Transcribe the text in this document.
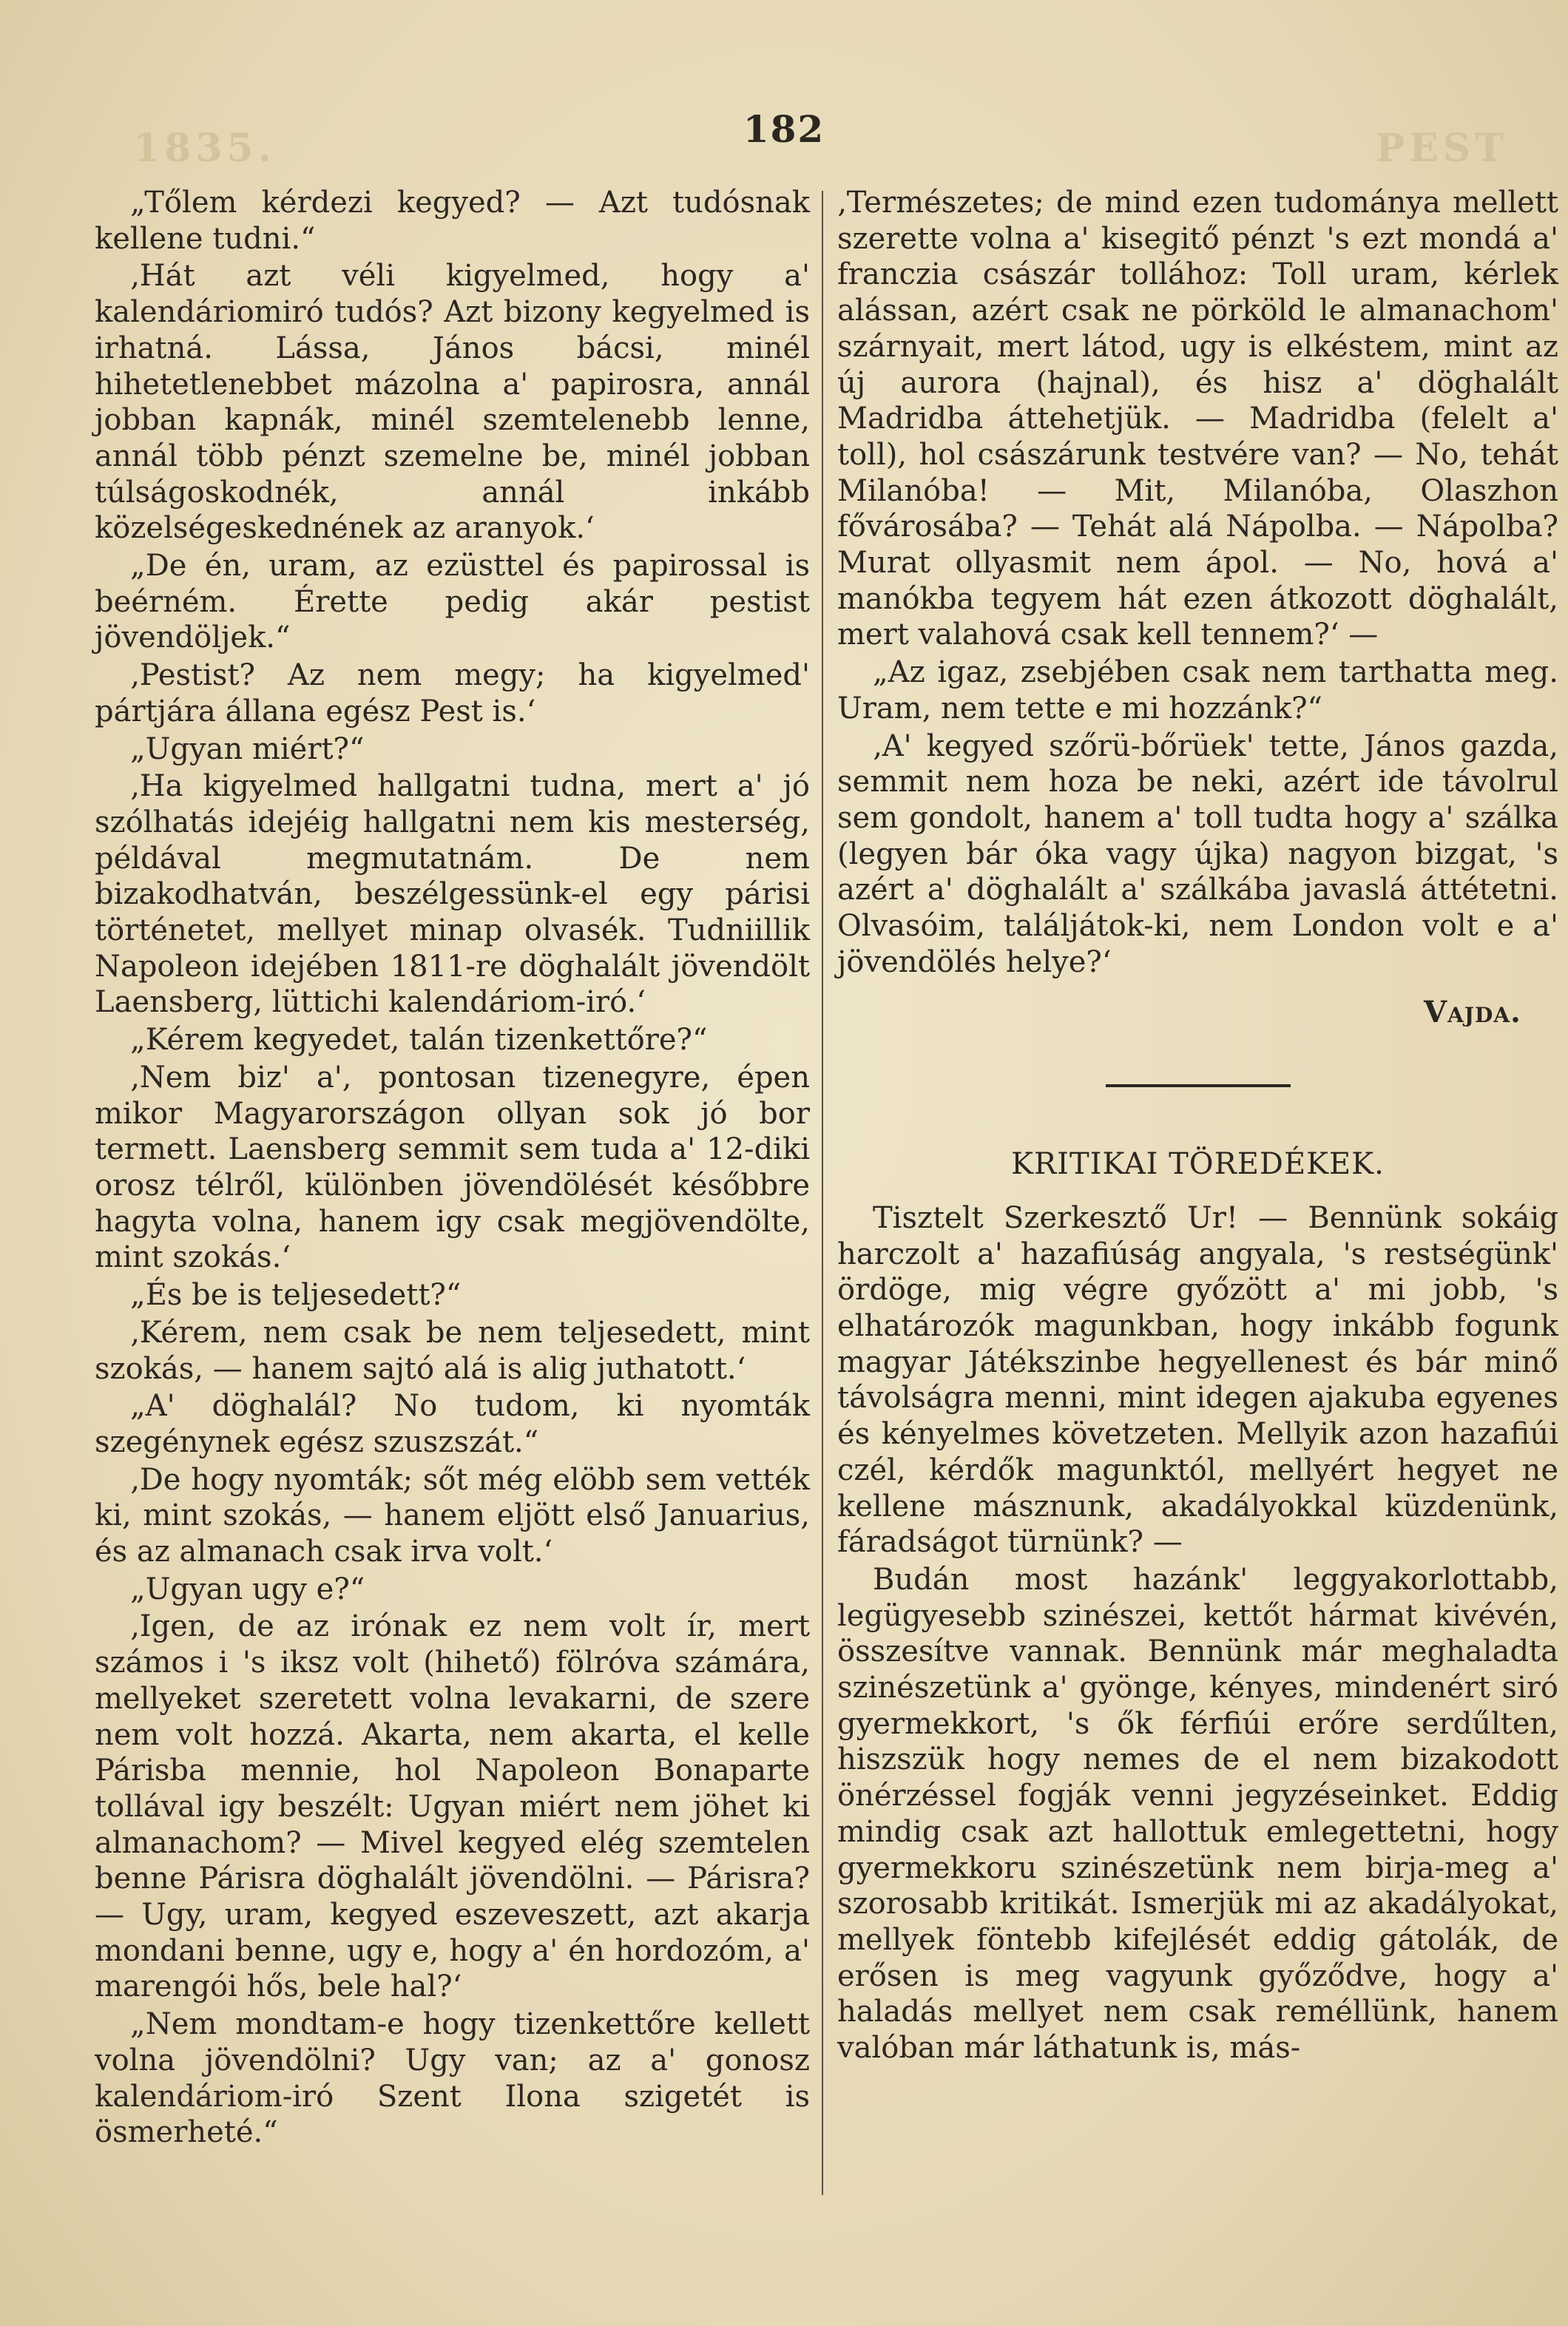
1835.	PEST
182

„Tőlem kérdezi kegyed? — Azt tudósnak kellene tudni.“

‚Hát azt véli kigyelmed, hogy a' kalendáriomiró tudós? Azt bizony kegyelmed is irhatná. Lássa, János bácsi, minél hihetetlenebbet mázolna a' papirosra, annál jobban kapnák, minél szemtelenebb lenne, annál több pénzt szemelne be, minél jobban túlságoskodnék, annál inkább közelségeskednének az aranyok.‘

„De én, uram, az ezüsttel és papirossal is beérném. Érette pedig akár pestist jövendöljek.“

‚Pestist? Az nem megy; ha kigyelmed' pártjára állana egész Pest is.‘

„Ugyan miért?“

‚Ha kigyelmed hallgatni tudna, mert a' jó szólhatás idejéig hallgatni nem kis mesterség, példával megmutatnám. De nem bizakodhatván, beszélgessünk-el egy párisi történetet, mellyet minap olvasék. Tudniillik Napoleon idejében 1811-re döghalált jövendölt Laensberg, lüttichi kalendáriom-iró.‘

„Kérem kegyedet, talán tizenkettőre?“

‚Nem biz' a', pontosan tizenegyre, épen mikor Magyarországon ollyan sok jó bor termett. Laensberg semmit sem tuda a' 12-diki orosz télről, különben jövendölését későbbre hagyta volna, hanem igy csak megjövendölte, mint szokás.‘

„És be is teljesedett?“

‚Kérem, nem csak be nem teljesedett, mint szokás, — hanem sajtó alá is alig juthatott.‘

„A' döghalál? No tudom, ki nyomták szegénynek egész szuszszát.“

‚De hogy nyomták; sőt még elöbb sem vették ki, mint szokás, — hanem eljött első Januarius, és az almanach csak irva volt.‘

„Ugyan ugy e?“

‚Igen, de az irónak ez nem volt ír, mert számos i 's iksz volt (hihető) fölróva számára, mellyeket szeretett volna levakarni, de szere nem volt hozzá. Akarta, nem akarta, el kelle Párisba mennie, hol Napoleon Bonaparte tollával igy beszélt: Ugyan miért nem jöhet ki almanachom? — Mivel kegyed elég szemtelen benne Párisra döghalált jövendölni. — Párisra? — Ugy, uram, kegyed eszeveszett, azt akarja mondani benne, ugy e, hogy a' én hordozóm, a' marengói hős, bele hal?‘

„Nem mondtam-e hogy tizenkettőre kellett volna jövendölni? Ugy van; az a' gonosz kalendáriom-iró Szent Ilona szigetét is ösmerheté.“

‚Természetes; de mind ezen tudománya mellett szerette volna a' kisegitő pénzt 's ezt mondá a' franczia császár tollához: Toll uram, kérlek alássan, azért csak ne pörköld le almanachom' szárnyait, mert látod, ugy is elkéstem, mint az új aurora (hajnal), és hisz a' döghalált Madridba áttehetjük. — Madridba (felelt a' toll), hol császárunk testvére van? — No, tehát Milanóba! — Mit, Milanóba, Olaszhon fővárosába? — Tehát alá Nápolba. — Nápolba? Murat ollyasmit nem ápol. — No, hová a' manókba tegyem hát ezen átkozott döghalált, mert valahová csak kell tennem?‘ —

„Az igaz, zsebjében csak nem tarthatta meg. Uram, nem tette e mi hozzánk?“

‚A' kegyed szőrü-bőrüek' tette, János gazda, semmit nem hoza be neki, azért ide távolrul sem gondolt, hanem a' toll tudta hogy a' szálka (legyen bár óka vagy újka) nagyon bizgat, 's azért a' döghalált a' szálkába javaslá áttétetni. Olvasóim, találjátok-ki, nem London volt e a' jövendölés helye?‘

Vajda.
KRITIKAI TÖREDÉKEK.

Tisztelt Szerkesztő Ur! — Bennünk sokáig harczolt a' hazafiúság angyala, 's restségünk' ördöge, mig végre győzött a' mi jobb, 's elhatározók magunkban, hogy inkább fogunk magyar Játékszinbe hegyellenest és bár minő távolságra menni, mint idegen ajakuba egyenes és kényelmes követzeten. Mellyik azon hazafiúi czél, kérdők magunktól, mellyért hegyet ne kellene másznunk, akadályokkal küzdenünk, fáradságot türnünk? —

Budán most hazánk' leggyakorlottabb, legügyesebb szinészei, kettőt hármat kivévén, összesítve vannak. Bennünk már meghaladta szinészetünk a' gyönge, kényes, mindenért siró gyermekkort, 's ők férfiúi erőre serdűlten, hiszszük hogy nemes de el nem bizakodott önérzéssel fogják venni jegyzéseinket. Eddig mindig csak azt hallottuk emlegettetni, hogy gyermekkoru szinészetünk nem birja-meg a' szorosabb kritikát. Ismerjük mi az akadályokat, mellyek föntebb kifejlését eddig gátolák, de erősen is meg vagyunk győződve, hogy a' haladás mellyet nem csak reméllünk, hanem valóban már láthatunk is, más-
